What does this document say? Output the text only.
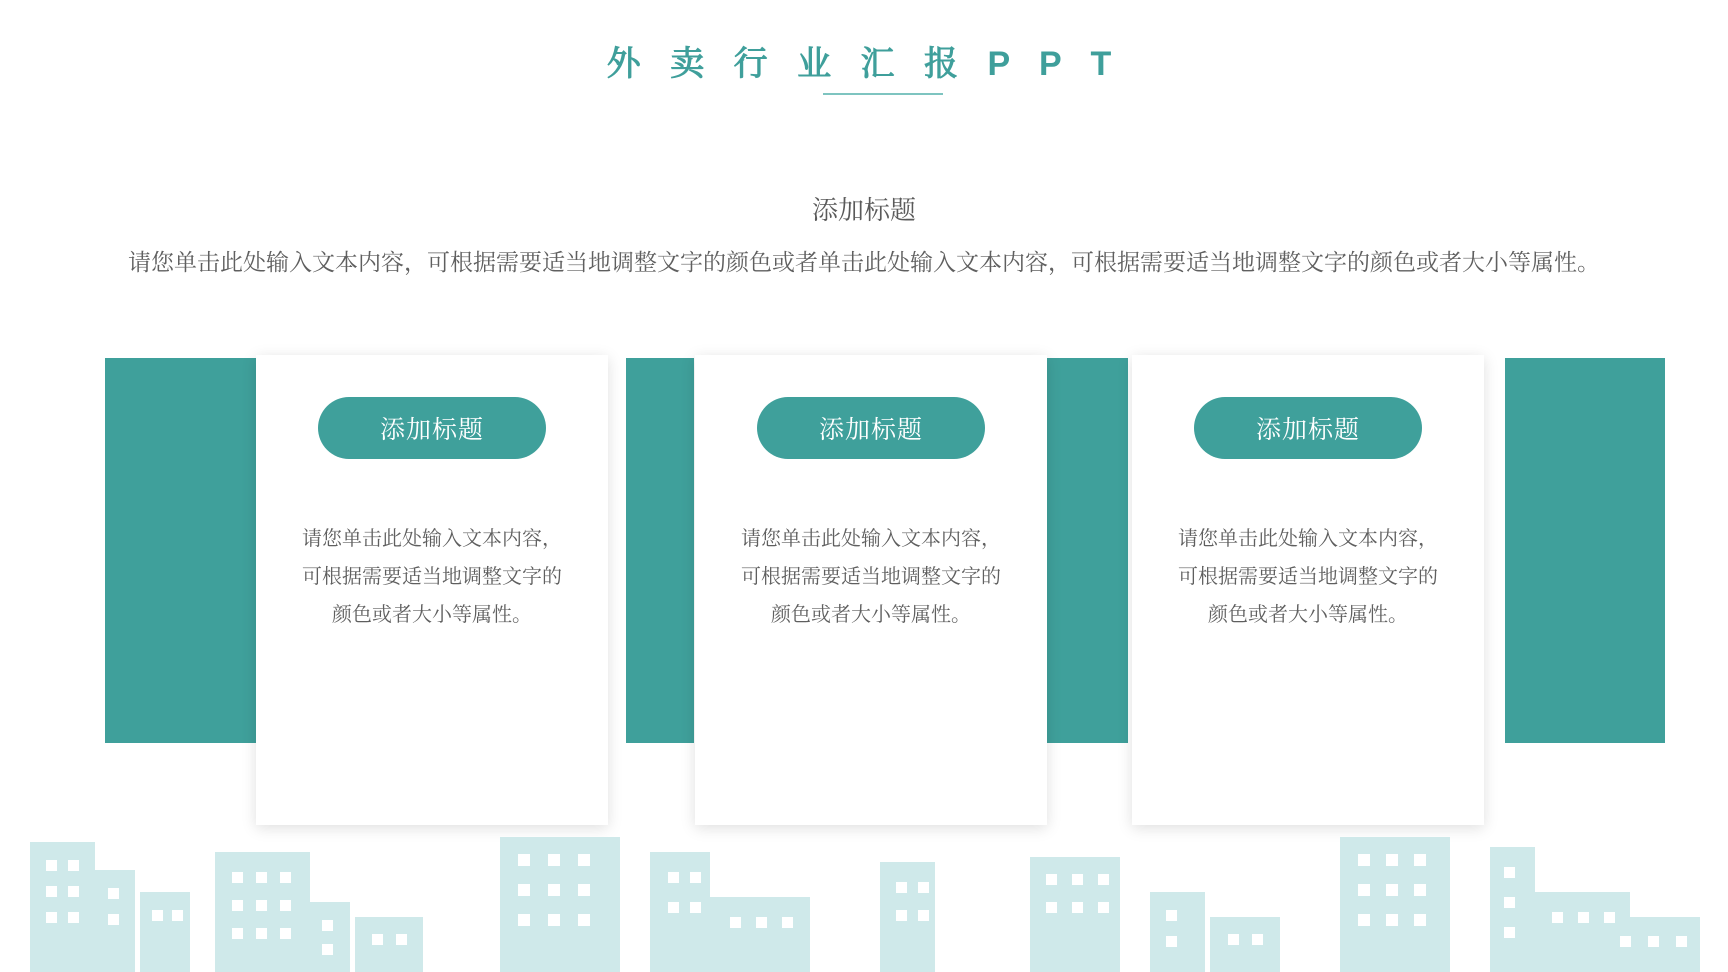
外 卖 行 业 汇 报 P P T
添加标题
请您单击此处输入文本内容，可根据需要适当地调整文字的颜色或者单击此处输入文本内容，可根据需要适当地调整文字的颜色或者大小等属性。
添加标题
请您单击此处输入文本内容，可根据需要适当地调整文字的颜色或者大小等属性。
添加标题
请您单击此处输入文本内容，可根据需要适当地调整文字的颜色或者大小等属性。
添加标题
请您单击此处输入文本内容，可根据需要适当地调整文字的颜色或者大小等属性。
